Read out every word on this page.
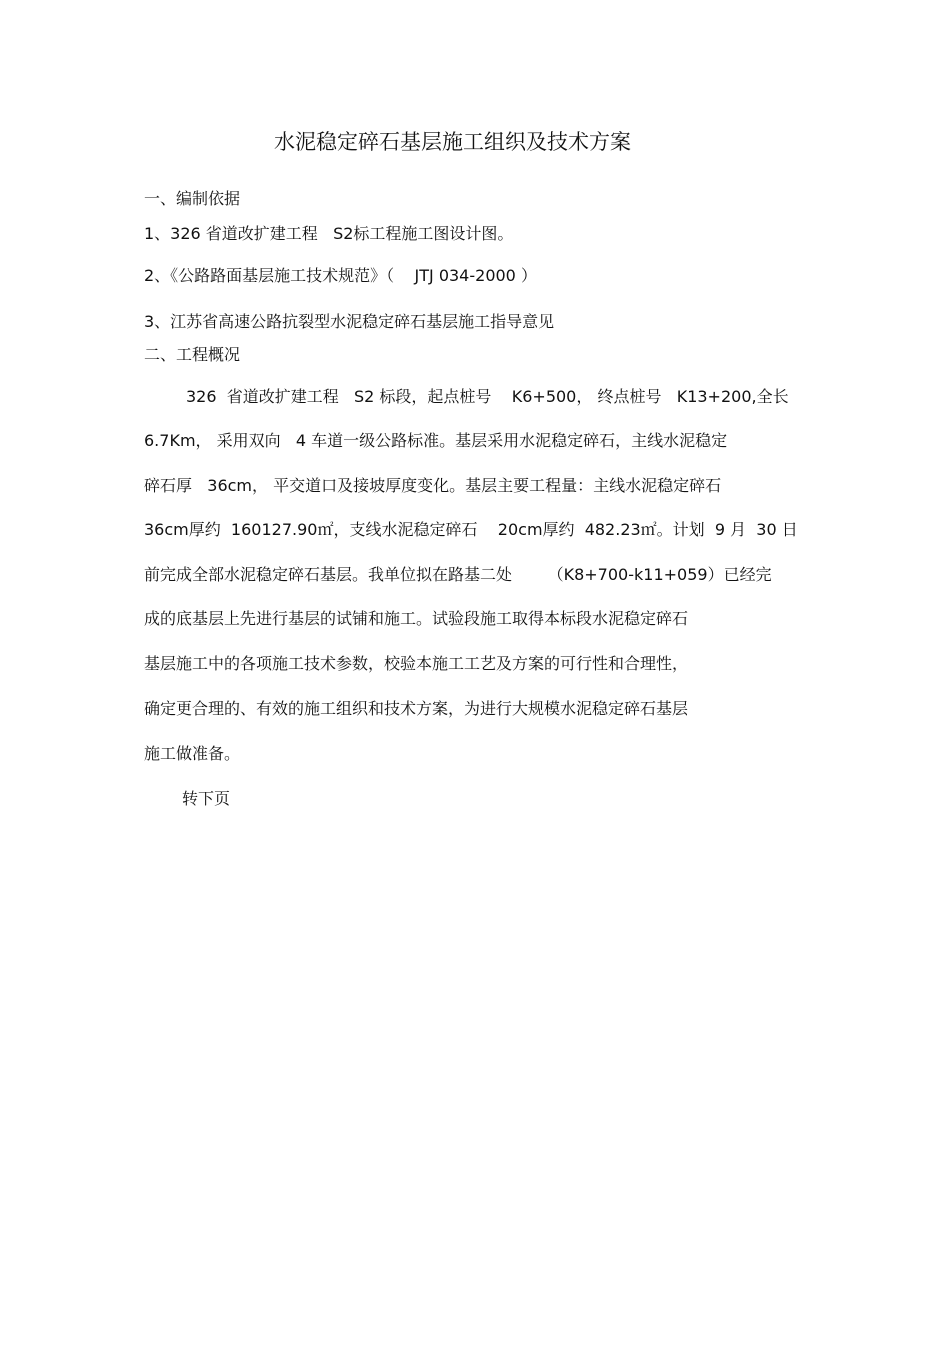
水泥稳定碎石基层施工组织及技术方案
一、编制依据
1、326 省道改扩建工程   S2标工程施工图设计图。
2、《公路路面基层施工技术规范》（    JTJ 034-2000 ）
3、江苏省高速公路抗裂型水泥稳定碎石基层施工指导意见
二、工程概况
326  省道改扩建工程   S2 标段，起点桩号    K6+500， 终点桩号   K13+200,全长
6.7Km， 采用双向   4 车道一级公路标准。基层采用水泥稳定碎石，主线水泥稳定
碎石厚   36cm， 平交道口及接坡厚度变化。基层主要工程量：主线水泥稳定碎石
36cm厚约  160127.90㎡，支线水泥稳定碎石    20cm厚约  482.23㎡。计划  9 月  30 日
前完成全部水泥稳定碎石基层。我单位拟在路基二处       （K8+700-k11+059）已经完
成的底基层上先进行基层的试铺和施工。试验段施工取得本标段水泥稳定碎石
基层施工中的各项施工技术参数，校验本施工工艺及方案的可行性和合理性，
确定更合理的、有效的施工组织和技术方案，为进行大规模水泥稳定碎石基层
施工做准备。
转下页
